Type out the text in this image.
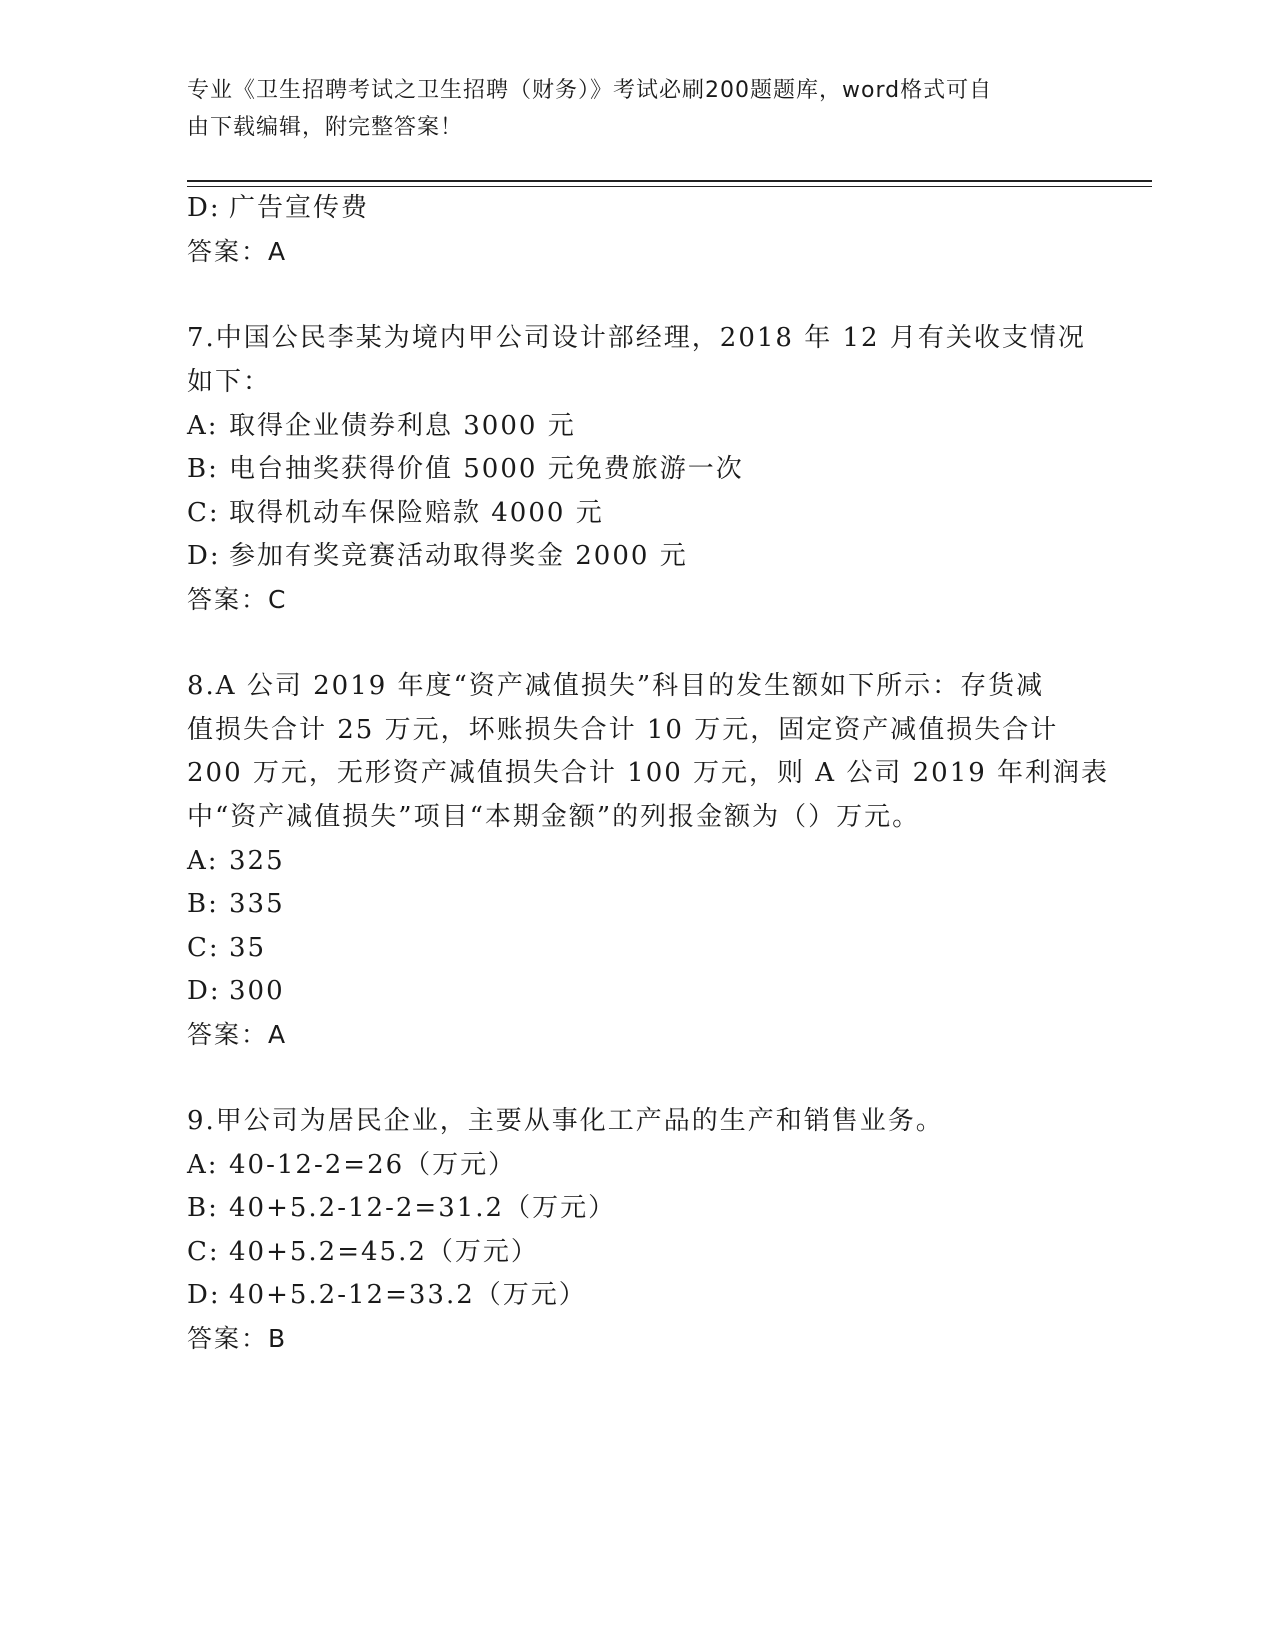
专业《卫生招聘考试之卫生招聘（财务）》考试必刷200题题库，word格式可自
由下载编辑，附完整答案！
D: 广告宣传费
答案：A
7.中国公民李某为境内甲公司设计部经理，2018 年 12 月有关收支情况
如下：
A: 取得企业债券利息 3000 元
B: 电台抽奖获得价值 5000 元免费旅游一次
C: 取得机动车保险赔款 4000 元
D: 参加有奖竞赛活动取得奖金 2000 元
答案：C
8.A 公司 2019 年度“资产减值损失”科目的发生额如下所示：存货减
值损失合计 25 万元，坏账损失合计 10 万元，固定资产减值损失合计
200 万元，无形资产减值损失合计 100 万元，则 A 公司 2019 年利润表
中“资产减值损失”项目“本期金额”的列报金额为（）万元。
A: 325
B: 335
C: 35
D: 300
答案：A
9.甲公司为居民企业，主要从事化工产品的生产和销售业务。
A: 40-12-2=26（万元）
B: 40+5.2-12-2=31.2（万元）
C: 40+5.2=45.2（万元）
D: 40+5.2-12=33.2（万元）
答案：B
